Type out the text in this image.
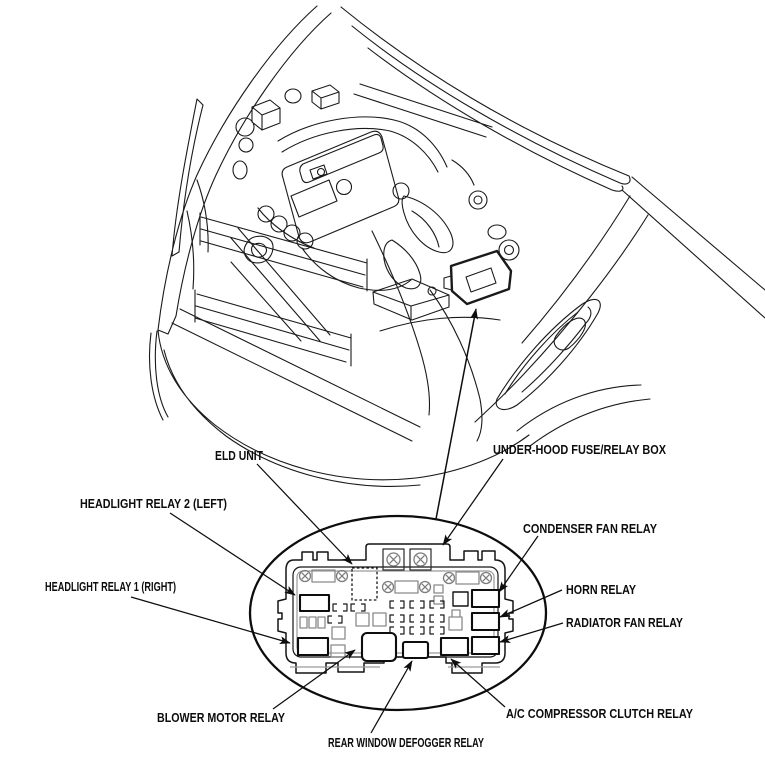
ELD UNIT	UNDER-HOOD FUSE/RELAY BOX
HEADLIGHT RELAY 2 (LEFT)
CONDENSER FAN RELAY
HEADLIGHT RELAY 1 (RIGHT)	HORN RELAY
RADIATOR FAN RELAY
BLOWER MOTOR RELAY	A/C COMPRESSOR CLUTCH RELAY
REAR WINDOW DEFOGGER RELAY
